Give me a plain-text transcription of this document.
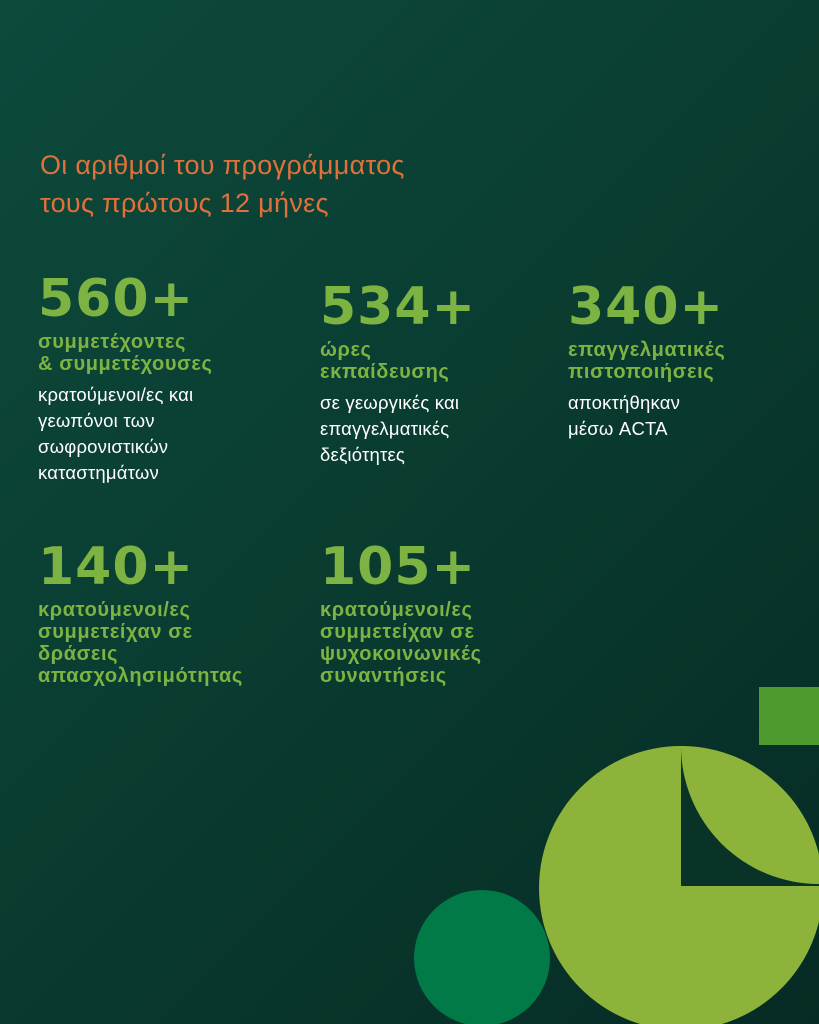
Οι αριθμοί του προγράμματος
τους πρώτους 12 μήνες
560+
συμμετέχοντες
& συμμετέχουσες
κρατούμενοι/ες και
γεωπόνοι των
σωφρονιστικών
καταστημάτων
534+
ώρες
εκπαίδευσης
σε γεωργικές και
επαγγελματικές
δεξιότητες
340+
επαγγελματικές
πιστοποιήσεις
αποκτήθηκαν
μέσω ACTA
140+
κρατούμενοι/ες
συμμετείχαν σε
δράσεις
απασχολησιμότητας
105+
κρατούμενοι/ες
συμμετείχαν σε
ψυχοκοινωνικές
συναντήσεις
